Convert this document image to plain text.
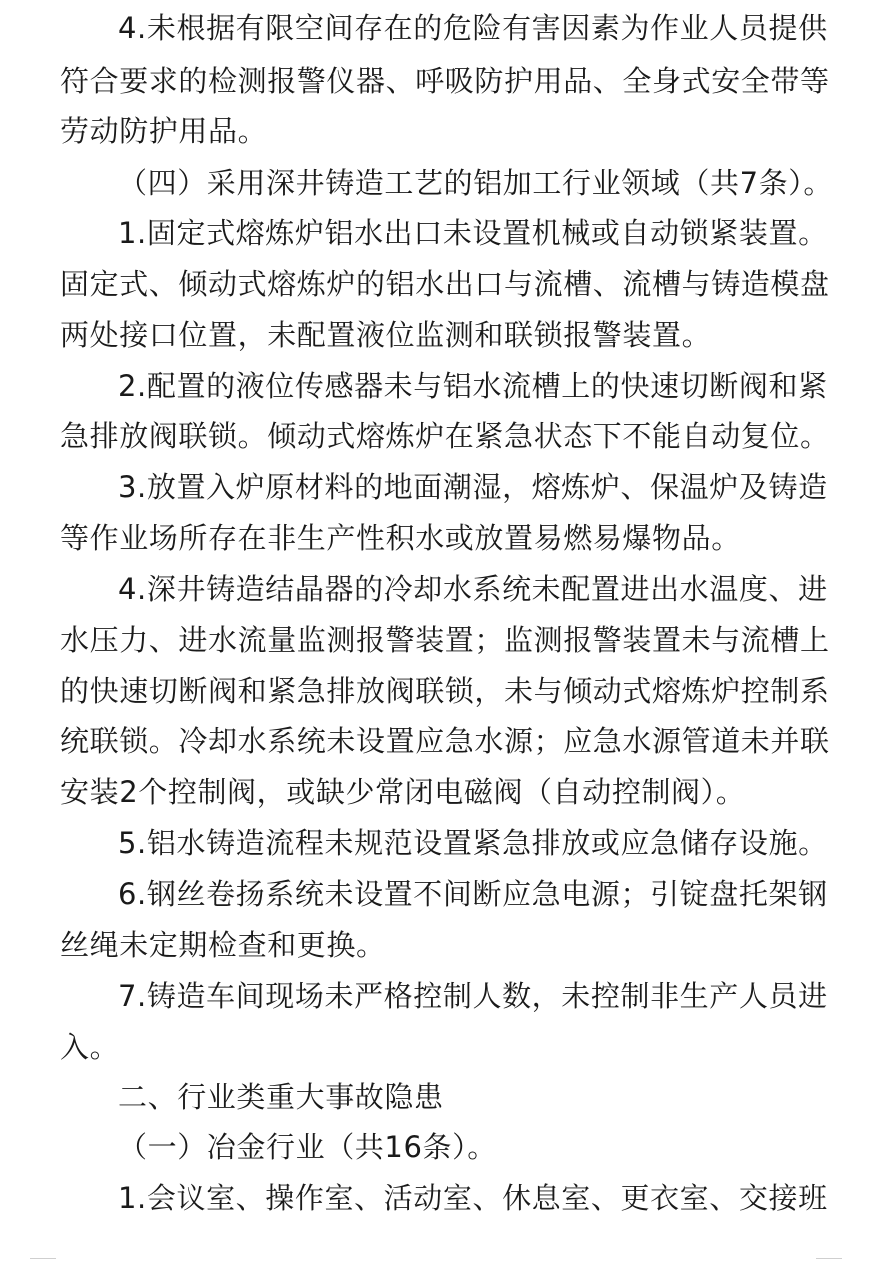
4.未根据有限空间存在的危险有害因素为作业人员提供
符合要求的检测报警仪器、呼吸防护用品、全身式安全带等
劳动防护用品。
（四）采用深井铸造工艺的铝加工行业领域（共7条）。
1.固定式熔炼炉铝水出口未设置机械或自动锁紧装置。
固定式、倾动式熔炼炉的铝水出口与流槽、流槽与铸造模盘
两处接口位置，未配置液位监测和联锁报警装置。
2.配置的液位传感器未与铝水流槽上的快速切断阀和紧
急排放阀联锁。倾动式熔炼炉在紧急状态下不能自动复位。
3.放置入炉原材料的地面潮湿，熔炼炉、保温炉及铸造
等作业场所存在非生产性积水或放置易燃易爆物品。
4.深井铸造结晶器的冷却水系统未配置进出水温度、进
水压力、进水流量监测报警装置；监测报警装置未与流槽上
的快速切断阀和紧急排放阀联锁，未与倾动式熔炼炉控制系
统联锁。冷却水系统未设置应急水源；应急水源管道未并联
安装2个控制阀，或缺少常闭电磁阀（自动控制阀）。
5.铝水铸造流程未规范设置紧急排放或应急储存设施。
6.钢丝卷扬系统未设置不间断应急电源；引锭盘托架钢
丝绳未定期检查和更换。
7.铸造车间现场未严格控制人数，未控制非生产人员进
入。
二、行业类重大事故隐患
（一）冶金行业（共16条）。
1.会议室、操作室、活动室、休息室、更衣室、交接班
